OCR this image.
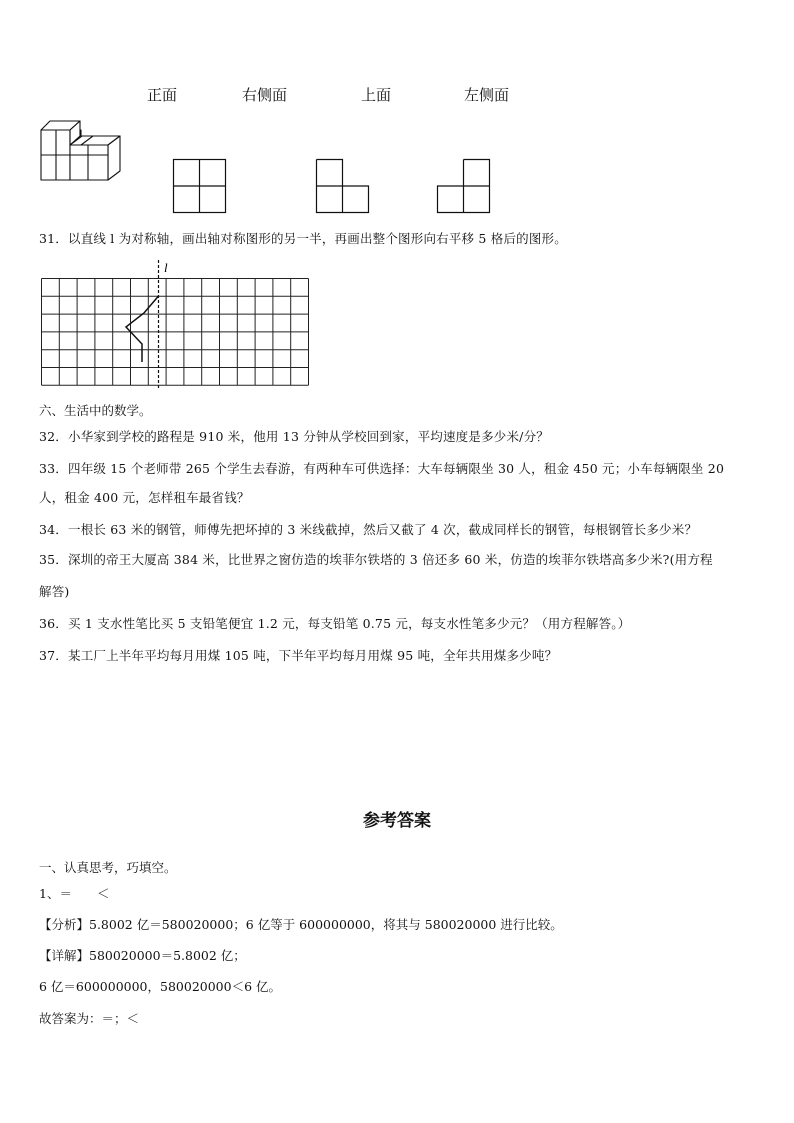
正面	右侧面	上面	左侧面
31．以直线 l 为对称轴，画出轴对称图形的另一半，再画出整个图形向右平移 5 格后的图形。
l
六、生活中的数学。
32．小华家到学校的路程是 910 米，他用 13 分钟从学校回到家，平均速度是多少米/分？
33．四年级 15 个老师带 265 个学生去春游，有两种车可供选择：大车每辆限坐 30 人，租金 450 元；小车每辆限坐 20
人，租金 400 元，怎样租车最省钱？
34．一根长 63 米的钢管，师傅先把坏掉的 3 米线截掉，然后又截了 4 次，截成同样长的钢管，每根钢管长多少米？
35．深圳的帝王大厦高 384 米，比世界之窗仿造的埃菲尔铁塔的 3 倍还多 60 米，仿造的埃菲尔铁塔高多少米?(用方程
解答)
36．买 1 支水性笔比买 5 支铅笔便宜 1.2 元，每支铅笔 0.75 元，每支水性笔多少元？（用方程解答。）
37．某工厂上半年平均每月用煤 105 吨，下半年平均每月用煤 95 吨，全年共用煤多少吨？
参考答案
一、认真思考，巧填空。
1、＝　　＜
【分析】5.8002 亿＝580020000；6 亿等于 600000000，将其与 580020000 进行比较。
【详解】580020000＝5.8002 亿；
6 亿＝600000000，580020000＜6 亿。
故答案为：＝；＜
